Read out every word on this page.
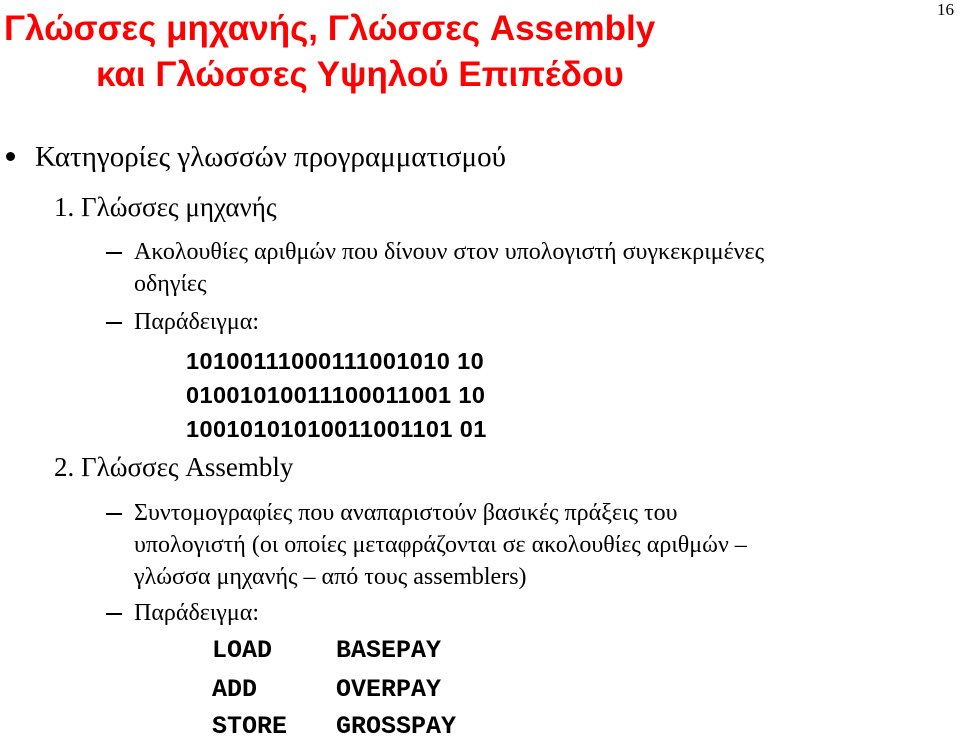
16
Γλώσσες μηχανής, Γλώσσες Assembly
και Γλώσσες Υψηλού Επιπέδου
Κατηγορίες γλωσσών προγραμματισμού
1. Γλώσσες μηχανής
Ακολουθίες αριθμών που δίνουν στον υπολογιστή συγκεκριμένες
οδηγίες
Παράδειγμα:
10100111000111001010 10
01001010011100011001 10
10010101010011001101 01
2. Γλώσσες Assembly
Συντομογραφίες που αναπαριστούν βασικές πράξεις του
υπολογιστή (οι οποίες μεταφράζονται σε ακολουθίες αριθμών –
γλώσσα μηχανής – από τους assemblers)
Παράδειγμα:
LOAD	BASEPAY
ADD	OVERPAY
STORE GROSSPAY
